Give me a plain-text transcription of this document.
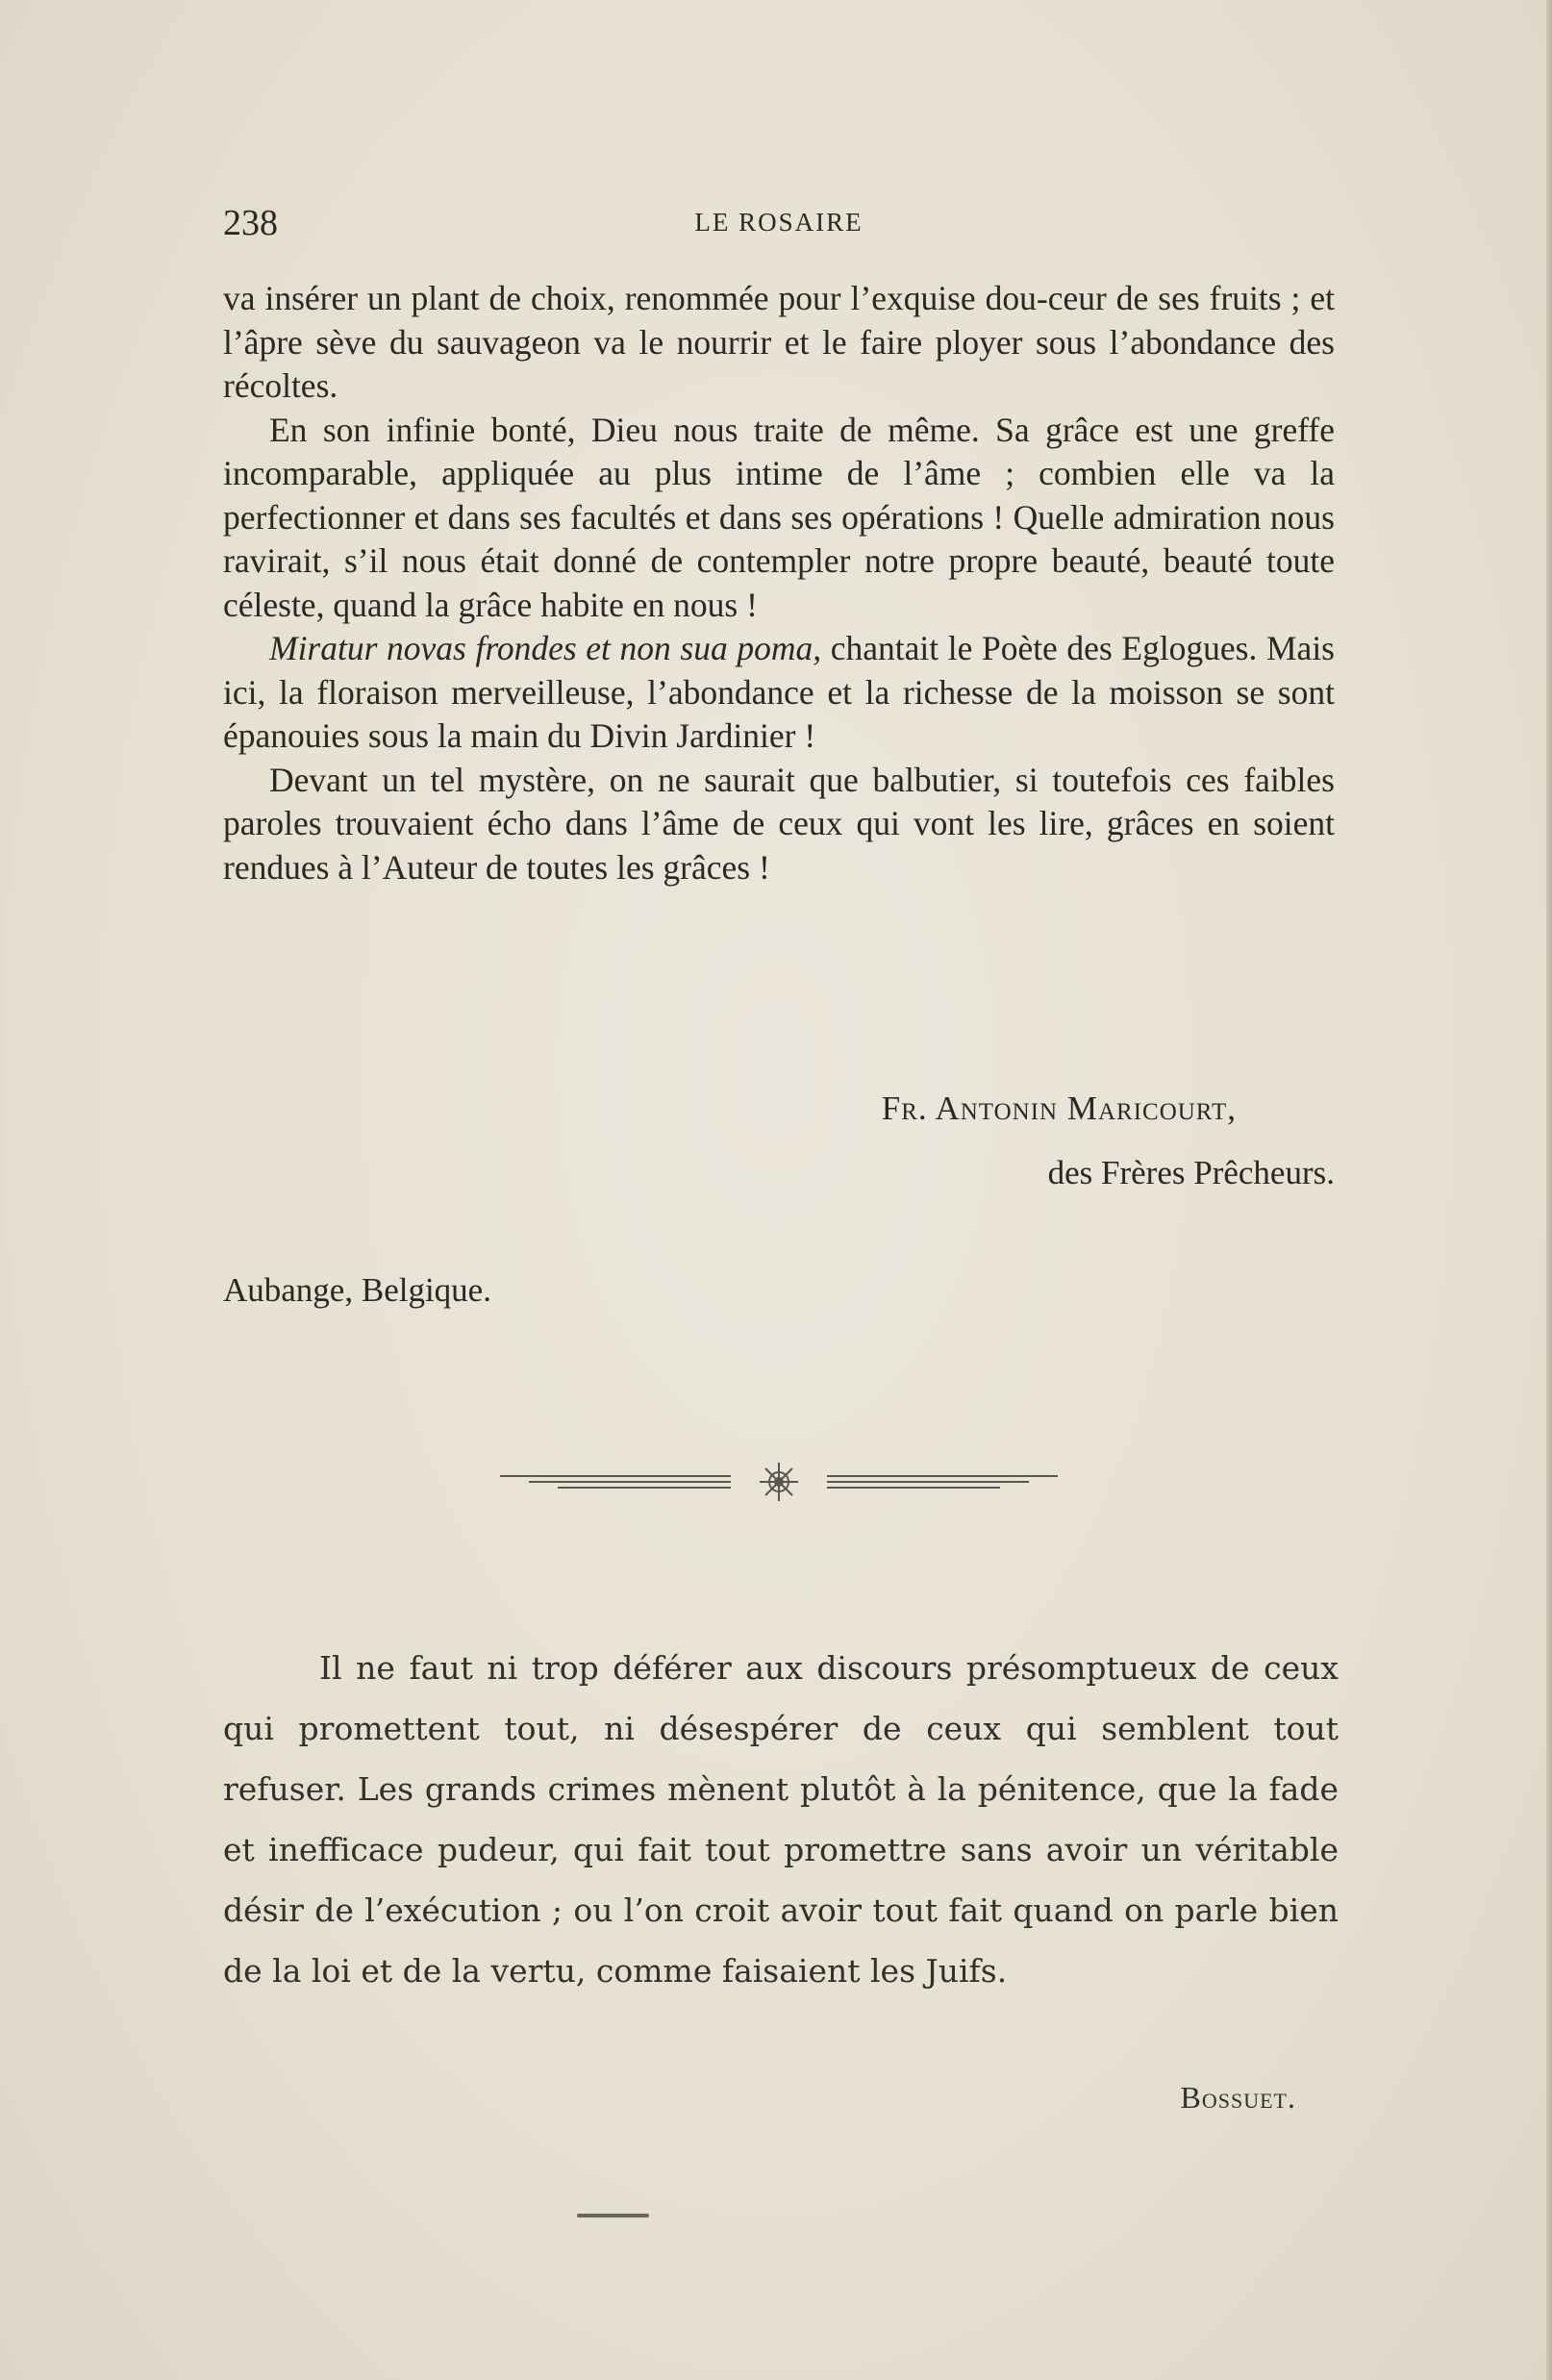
238	LE ROSAIRE

va insérer un plant de choix, renommée pour l’exquise dou-ceur de ses fruits ; et l’âpre sève du sauvageon va le nourrir et le faire ployer sous l’abondance des récoltes.

En son infinie bonté, Dieu nous traite de même. Sa grâce est une greffe incomparable, appliquée au plus intime de l’âme ; combien elle va la perfectionner et dans ses facultés et dans ses opérations ! Quelle admiration nous ravirait, s’il nous était donné de contempler notre propre beauté, beauté toute céleste, quand la grâce habite en nous !

Miratur novas frondes et non sua poma, chantait le Poète des Eglogues. Mais ici, la floraison merveilleuse, l’abondance et la richesse de la moisson se sont épanouies sous la main du Divin Jardinier !

Devant un tel mystère, on ne saurait que balbutier, si toutefois ces faibles paroles trouvaient écho dans l’âme de ceux qui vont les lire, grâces en soient rendues à l’Auteur de toutes les grâces !

Fr. Antonin Maricourt,
des Frères Prêcheurs.
Aubange, Belgique.

Il ne faut ni trop déférer aux discours présomptueux de ceux qui promettent tout, ni désespérer de ceux qui semblent tout refuser. Les grands crimes mènent plutôt à la pénitence, que la fade et inefficace pudeur, qui fait tout promettre sans avoir un véritable désir de l’exécution ; ou l’on croit avoir tout fait quand on parle bien de la loi et de la vertu, comme faisaient les Juifs.

Bossuet.
